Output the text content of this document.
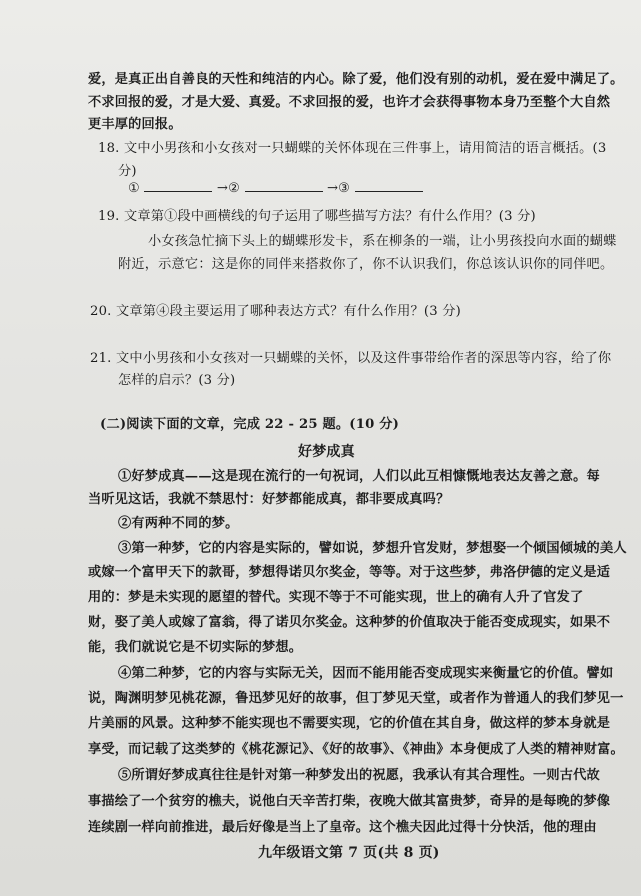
爱，是真正出自善良的天性和纯洁的内心。除了爱，他们没有别的动机，爱在爱中满足了。
不求回报的爱，才是大爱、真爱。不求回报的爱，也许才会获得事物本身乃至整个大自然
更丰厚的回报。
18. 文中小男孩和小女孩对一只蝴蝶的关怀体现在三件事上，请用简洁的语言概括。(3
分)
①	→②	→③
19. 文章第①段中画横线的句子运用了哪些描写方法？有什么作用？(3 分)
小女孩急忙摘下头上的蝴蝶形发卡，系在柳条的一端，让小男孩投向水面的蝴蝶
附近，示意它：这是你的同伴来搭救你了，你不认识我们，你总该认识你的同伴吧。
20. 文章第④段主要运用了哪种表达方式？有什么作用？(3 分)
21. 文中小男孩和小女孩对一只蝴蝶的关怀，以及这件事带给作者的深思等内容，给了你
怎样的启示？(3 分)
(二)阅读下面的文章，完成 22 - 25 题。(10 分)
好梦成真
①好梦成真——这是现在流行的一句祝词，人们以此互相慷慨地表达友善之意。每
当听见这话，我就不禁思忖：好梦都能成真，都非要成真吗？
②有两种不同的梦。
③第一种梦，它的内容是实际的，譬如说，梦想升官发财，梦想娶一个倾国倾城的美人
或嫁一个富甲天下的款哥，梦想得诺贝尔奖金，等等。对于这些梦，弗洛伊德的定义是适
用的：梦是未实现的愿望的替代。实现不等于不可能实现，世上的确有人升了官发了
财，娶了美人或嫁了富翁，得了诺贝尔奖金。这种梦的价值取决于能否变成现实，如果不
能，我们就说它是不切实际的梦想。
④第二种梦，它的内容与实际无关，因而不能用能否变成现实来衡量它的价值。譬如
说，陶渊明梦见桃花源，鲁迅梦见好的故事，但丁梦见天堂，或者作为普通人的我们梦见一
片美丽的风景。这种梦不能实现也不需要实现，它的价值在其自身，做这样的梦本身就是
享受，而记载了这类梦的《桃花源记》、《好的故事》、《神曲》本身便成了人类的精神财富。
⑤所谓好梦成真往往是针对第一种梦发出的祝愿，我承认有其合理性。一则古代故
事描绘了一个贫穷的樵夫，说他白天辛苦打柴，夜晚大做其富贵梦，奇异的是每晚的梦像
连续剧一样向前推进，最后好像是当上了皇帝。这个樵夫因此过得十分快活，他的理由
九年级语文第 7 页(共 8 页)
